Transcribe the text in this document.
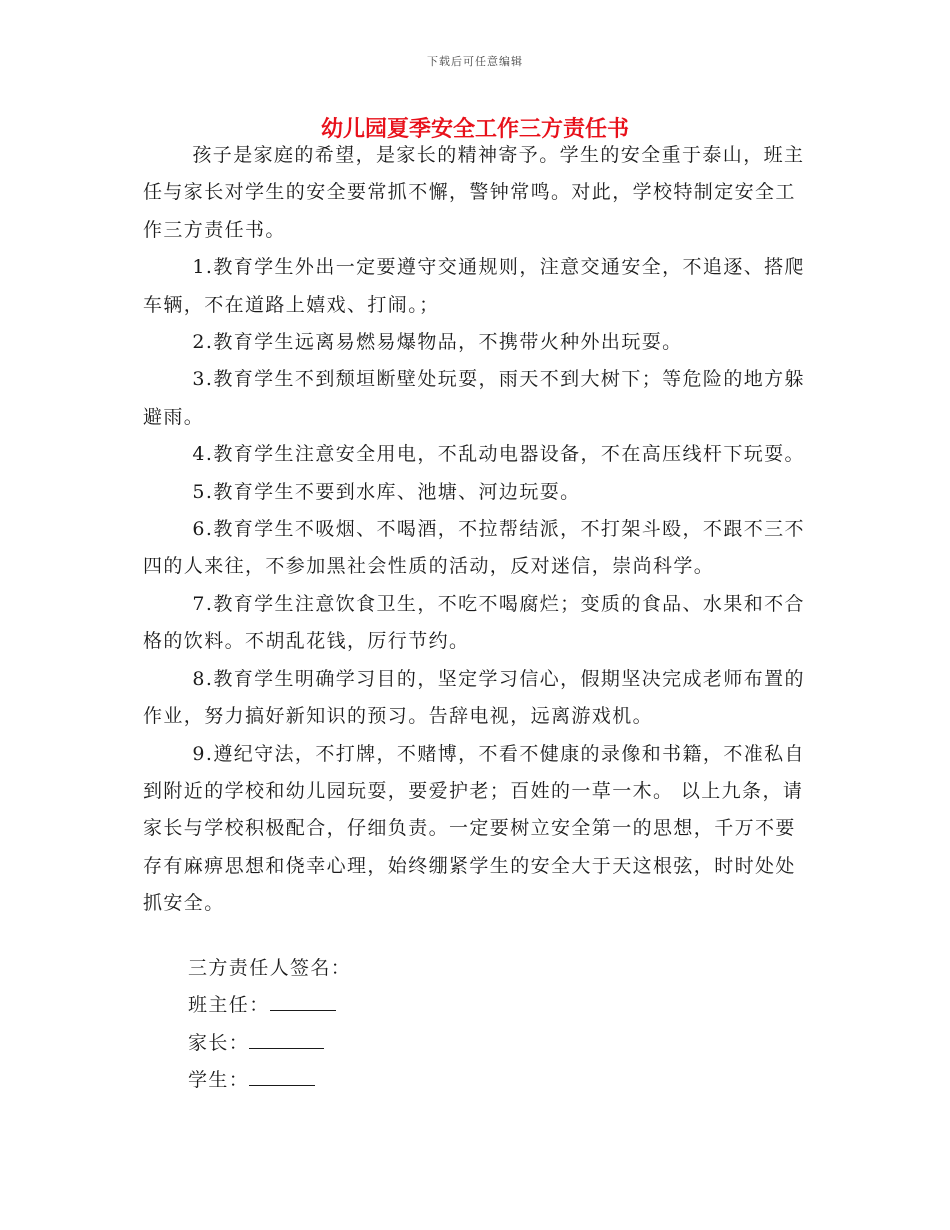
下载后可任意编辑
幼儿园夏季安全工作三方责任书

孩子是家庭的希望，是家长的精神寄予。学生的安全重于泰山，班主任与家长对学生的安全要常抓不懈，警钟常鸣。对此，学校特制定安全工作三方责任书。

1.教育学生外出一定要遵守交通规则，注意交通安全，不追逐、搭爬车辆，不在道路上嬉戏、打闹。；

2.教育学生远离易燃易爆物品，不携带火种外出玩耍。

3.教育学生不到颓垣断壁处玩耍，雨天不到大树下；等危险的地方躲避雨。

4.教育学生注意安全用电，不乱动电器设备，不在高压线杆下玩耍。

5.教育学生不要到水库、池塘、河边玩耍。

6.教育学生不吸烟、不喝酒，不拉帮结派，不打架斗殴，不跟不三不四的人来往，不参加黑社会性质的活动，反对迷信，崇尚科学。

7.教育学生注意饮食卫生，不吃不喝腐烂；变质的食品、水果和不合格的饮料。不胡乱花钱，厉行节约。

8.教育学生明确学习目的，坚定学习信心，假期坚决完成老师布置的作业，努力搞好新知识的预习。告辞电视，远离游戏机。

9.遵纪守法，不打牌，不赌博，不看不健康的录像和书籍，不准私自到附近的学校和幼儿园玩耍，要爱护老；百姓的一草一木。 以上九条，请家长与学校积极配合，仔细负责。一定要树立安全第一的思想，千万不要存有麻痹思想和侥幸心理，始终绷紧学生的安全大于天这根弦，时时处处抓安全。

三方责任人签名：
班主任：
家长：
学生：
